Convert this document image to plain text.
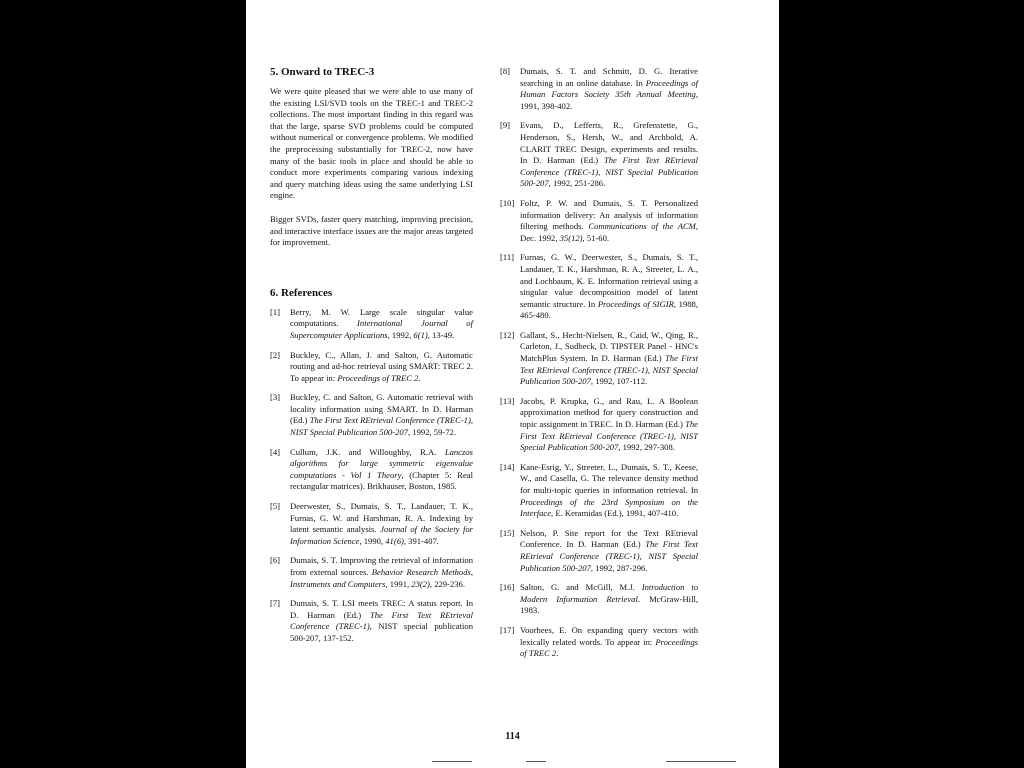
5. Onward to TREC-3

We were quite pleased that we were able to use many of the existing LSI/SVD tools on the TREC-1 and TREC-2 collections. The most important finding in this regard was that the large, sparse SVD problems could be computed without numerical or convergence problems. We modified the preprocessing substantially for TREC-2, now have many of the basic tools in place and should be able to conduct more experiments comparing various indexing and query matching ideas using the same underlying LSI engine.

Bigger SVDs, faster query matching, improving precision, and interactive interface issues are the major areas targeted for improvement.

6. References
[1]	Berry, M. W. Large scale singular value computations. International Journal of Supercomputer Applications, 1992, 6(1), 13-49.
[2]	Buckley, C., Allan, J. and Salton, G. Automatic routing and ad-hoc retrieval using SMART: TREC 2. To appear in: Proceedings of TREC 2.
[3]	Buckley, C. and Salton, G. Automatic retrieval with locality information using SMART. In D. Harman (Ed.) The First Text REtrieval Conference (TREC-1), NIST Special Publication 500-207, 1992, 59-72.
[4]	Cullum, J.K. and Willoughby, R.A. Lanczos algorithms for large symmetric eigenvalue computations - Vol 1 Theory, (Chapter 5: Real rectangular matrices). Brikhauser, Boston, 1985.
[5]	Deerwester, S., Dumais, S. T., Landauer, T. K., Furnas, G. W. and Harshman, R. A. Indexing by latent semantic analysis. Journal of the Society for Information Science, 1990, 41(6), 391-407.
[6]	Dumais, S. T. Improving the retrieval of information from external sources. Behavior Research Methods, Instruments and Computers, 1991, 23(2), 229-236.
[7]	Dumais, S. T. LSI meets TREC: A status report. In D. Harman (Ed.) The First Text REtrieval Conference (TREC-1), NIST special publication 500-207, 137-152.
[8]	Dumais, S. T. and Schmitt, D. G. Iterative searching in an online database. In Proceedings of Human Factors Society 35th Annual Meeting, 1991, 398-402.
[9]	Evans, D., Lefferts, R., Grefenstette, G., Henderson, S., Hersh, W., and Archbold, A. CLARIT TREC Design, experiments and results. In D. Harman (Ed.) The First Text REtrieval Conference (TREC-1), NIST Special Publication 500-207, 1992, 251-286.
[10] Foltz, P. W. and Dumais, S. T. Personalized information delivery: An analysis of information filtering methods. Communications of the ACM, Dec. 1992, 35(12), 51-60.
[11] Furnas, G. W., Deerwester, S., Dumais, S. T., Landauer, T. K., Harshman, R. A., Streeter, L. A., and Lochbaum, K. E. Information retrieval using a singular value decomposition model of latent semantic structure. In Proceedings of SIGIR, 1988, 465-480.
[12] Gallant, S., Hecht-Nielsen, R., Caid, W., Qing, R., Carleton, J., Sudbeck, D. TIPSTER Panel - HNC's MatchPlus System. In D. Harman (Ed.) The First Text REtrieval Conference (TREC-1), NIST Special Publication 500-207, 1992, 107-112.
[13] Jacobs, P. Krupka, G., and Rau, L. A Boolean approximation method for query construction and topic assignment in TREC. In D. Harman (Ed.) The First Text REtrieval Conference (TREC-1), NIST Special Publication 500-207, 1992, 297-308.
[14] Kane-Esrig, Y., Streeter, L., Dumais, S. T., Keese, W., and Casella, G. The relevance density method for multi-topic queries in information retrieval. In Proceedings of the 23rd Symposium on the Interface, E. Keramidas (Ed.), 1991, 407-410.
[15] Nelson, P. Site report for the Text REtrieval Conference. In D. Harman (Ed.) The First Text REtrieval Conference (TREC-1), NIST Special Publication 500-207, 1992, 287-296.
[16] Salton, G. and McGill, M.J. Introduction to Modern Information Retrieval. McGraw-Hill, 1983.
[17] Voorhees, E. On expanding query vectors with lexically related words. To appear in: Proceedings of TREC 2.
114
